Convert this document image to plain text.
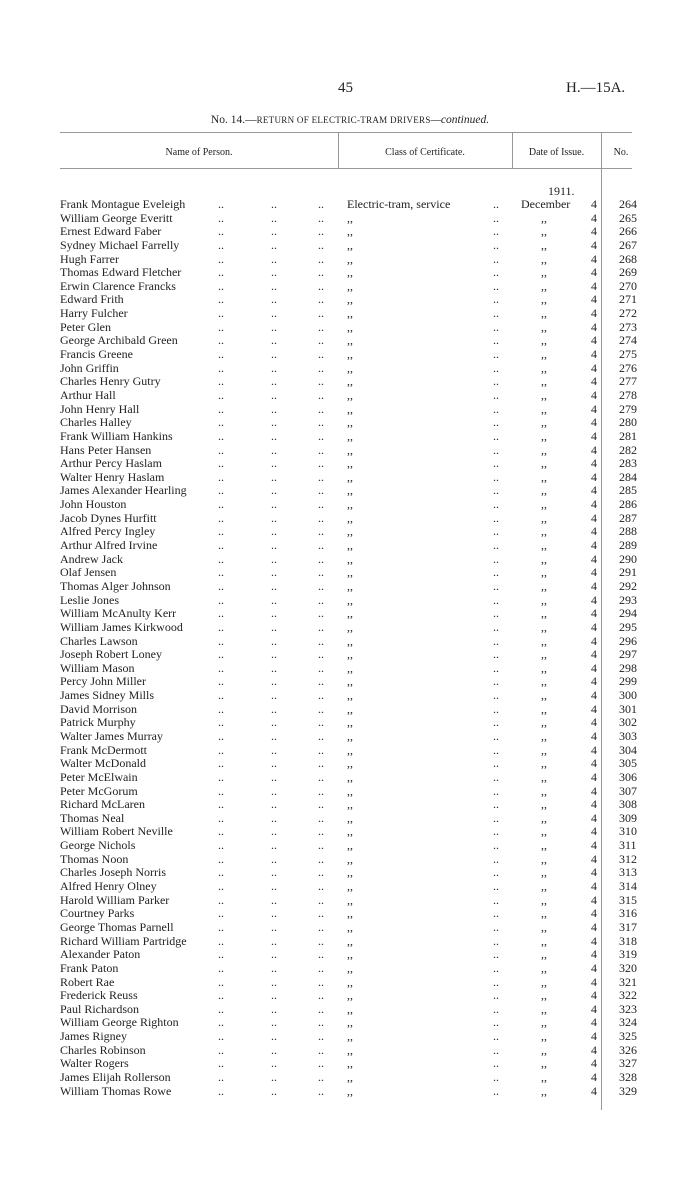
45	H.—15A.
No. 14.—RETURN OF ELECTRIC-TRAM DRIVERS—continued.
Name of Person.	Class of Certificate.	Date of Issue.	No.
1911.
Frank Montague Eveleigh	..	..	.. Electric-tram, service	.. December 4 264
William George Everitt	..	..	.. ,,	..	,,	4 265
Ernest Edward Faber	..	..	.. ,,	..	,,	4 266
Sydney Michael Farrelly	..	..	.. ,,	..	,,	4 267
Hugh Farrer	..	..	.. ,,	..	,,	4 268
Thomas Edward Fletcher	..	..	.. ,,	..	,,	4 269
Erwin Clarence Francks	..	..	.. ,,	..	,,	4 270
Edward Frith	..	..	.. ,,	..	,,	4 271
Harry Fulcher	..	..	.. ,,	..	,,	4 272
Peter Glen	..	..	.. ,,	..	,,	4 273
George Archibald Green	..	..	.. ,,	..	,,	4 274
Francis Greene	..	..	.. ,,	..	,,	4 275
John Griffin	..	..	.. ,,	..	,,	4 276
Charles Henry Gutry	..	..	.. ,,	..	,,	4 277
Arthur Hall	..	..	.. ,,	..	,,	4 278
John Henry Hall	..	..	.. ,,	..	,,	4 279
Charles Halley	..	..	.. ,,	..	,,	4 280
Frank William Hankins	..	..	.. ,,	..	,,	4 281
Hans Peter Hansen	..	..	.. ,,	..	,,	4 282
Arthur Percy Haslam	..	..	.. ,,	..	,,	4 283
Walter Henry Haslam	..	..	.. ,,	..	,,	4 284
James Alexander Hearling	..	..	.. ,,	..	,,	4 285
John Houston	..	..	.. ,,	..	,,	4 286
Jacob Dynes Hurfitt	..	..	.. ,,	..	,,	4 287
Alfred Percy Ingley	..	..	.. ,,	..	,,	4 288
Arthur Alfred Irvine	..	..	.. ,,	..	,,	4 289
Andrew Jack	..	..	.. ,,	..	,,	4 290
Olaf Jensen	..	..	.. ,,	..	,,	4 291
Thomas Alger Johnson	..	..	.. ,,	..	,,	4 292
Leslie Jones	..	..	.. ,,	..	,,	4 293
William McAnulty Kerr	..	..	.. ,,	..	,,	4 294
William James Kirkwood	..	..	.. ,,	..	,,	4 295
Charles Lawson	..	..	.. ,,	..	,,	4 296
Joseph Robert Loney	..	..	.. ,,	..	,,	4 297
William Mason	..	..	.. ,,	..	,,	4 298
Percy John Miller	..	..	.. ,,	..	,,	4 299
James Sidney Mills	..	..	.. ,,	..	,,	4 300
David Morrison	..	..	.. ,,	..	,,	4 301
Patrick Murphy	..	..	.. ,,	..	,,	4 302
Walter James Murray	..	..	.. ,,	..	,,	4 303
Frank McDermott	..	..	.. ,,	..	,,	4 304
Walter McDonald	..	..	.. ,,	..	,,	4 305
Peter McElwain	..	..	.. ,,	..	,,	4 306
Peter McGorum	..	..	.. ,,	..	,,	4 307
Richard McLaren	..	..	.. ,,	..	,,	4 308
Thomas Neal	..	..	.. ,,	..	,,	4 309
William Robert Neville	..	..	.. ,,	..	,,	4 310
George Nichols	..	..	.. ,,	..	,,	4 311
Thomas Noon	..	..	.. ,,	..	,,	4 312
Charles Joseph Norris	..	..	.. ,,	..	,,	4 313
Alfred Henry Olney	..	..	.. ,,	..	,,	4 314
Harold William Parker	..	..	.. ,,	..	,,	4 315
Courtney Parks	..	..	.. ,,	..	,,	4 316
George Thomas Parnell	..	..	.. ,,	..	,,	4 317
Richard William Partridge	..	..	.. ,,	..	,,	4 318
Alexander Paton	..	..	.. ,,	..	,,	4 319
Frank Paton	..	..	.. ,,	..	,,	4 320
Robert Rae	..	..	.. ,,	..	,,	4 321
Frederick Reuss	..	..	.. ,,	..	,,	4 322
Paul Richardson	..	..	.. ,,	..	,,	4 323
William George Righton	..	..	.. ,,	..	,,	4 324
James Rigney	..	..	.. ,,	..	,,	4 325
Charles Robinson	..	..	.. ,,	..	,,	4 326
Walter Rogers	..	..	.. ,,	..	,,	4 327
James Elijah Rollerson	..	..	.. ,,	..	,,	4 328
William Thomas Rowe	..	..	.. ,,	..	,,	4 329
